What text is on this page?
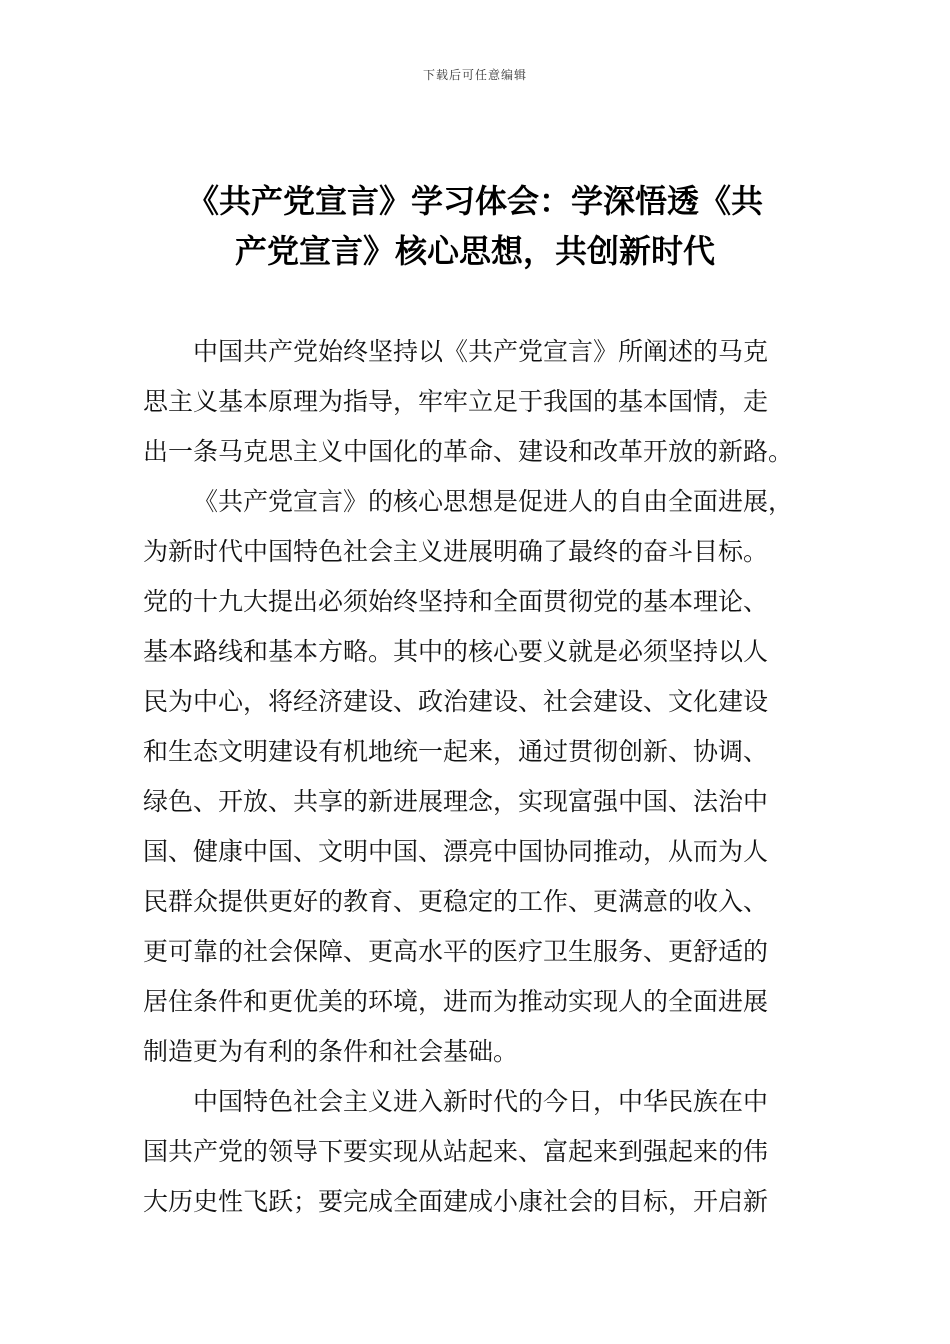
下载后可任意编辑
《共产党宣言》学习体会：学深悟透《共
产党宣言》核心思想，共创新时代
中国共产党始终坚持以《共产党宣言》所阐述的马克
思主义基本原理为指导，牢牢立足于我国的基本国情，走
出一条马克思主义中国化的革命、建设和改革开放的新路。
《共产党宣言》的核心思想是促进人的自由全面进展，
为新时代中国特色社会主义进展明确了最终的奋斗目标。
党的十九大提出必须始终坚持和全面贯彻党的基本理论、
基本路线和基本方略。其中的核心要义就是必须坚持以人
民为中心，将经济建设、政治建设、社会建设、文化建设
和生态文明建设有机地统一起来，通过贯彻创新、协调、
绿色、开放、共享的新进展理念，实现富强中国、法治中
国、健康中国、文明中国、漂亮中国协同推动，从而为人
民群众提供更好的教育、更稳定的工作、更满意的收入、
更可靠的社会保障、更高水平的医疗卫生服务、更舒适的
居住条件和更优美的环境，进而为推动实现人的全面进展
制造更为有利的条件和社会基础。
中国特色社会主义进入新时代的今日，中华民族在中
国共产党的领导下要实现从站起来、富起来到强起来的伟
大历史性飞跃；要完成全面建成小康社会的目标，开启新
